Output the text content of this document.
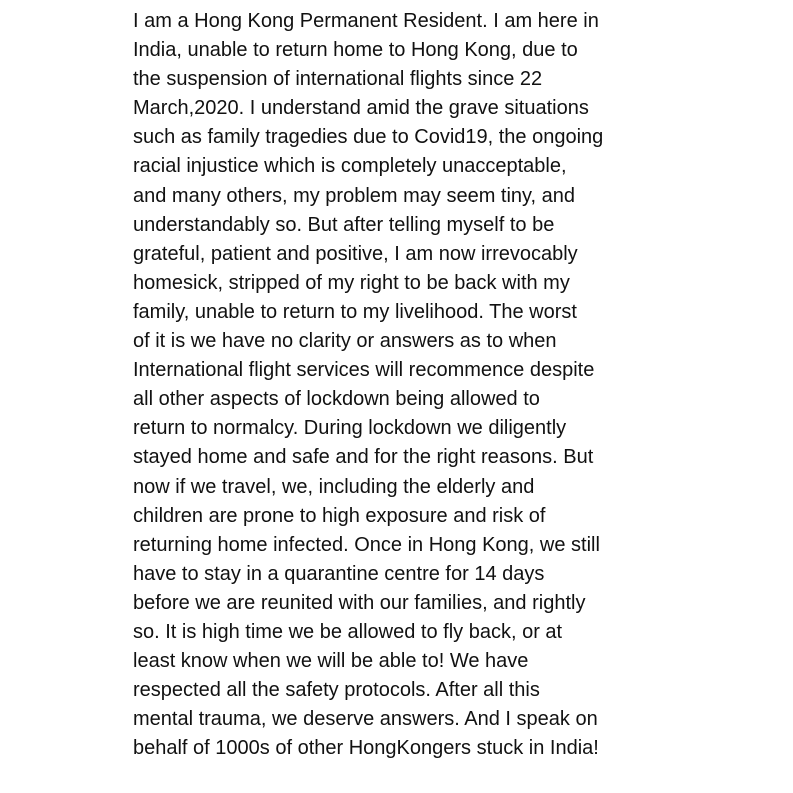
I am a Hong Kong Permanent Resident. I am here in
India, unable to return home to Hong Kong, due to
the suspension of international flights since 22
March,2020. I understand amid the grave situations
such as family tragedies due to Covid19, the ongoing
racial injustice which is completely unacceptable,
and many others, my problem may seem tiny, and
understandably so. But after telling myself to be
grateful, patient and positive, I am now irrevocably
homesick, stripped of my right to be back with my
family, unable to return to my livelihood. The worst
of it is we have no clarity or answers as to when
International flight services will recommence despite
all other aspects of lockdown being allowed to
return to normalcy. During lockdown we diligently
stayed home and safe and for the right reasons. But
now if we travel, we, including the elderly and
children are prone to high exposure and risk of
returning home infected. Once in Hong Kong, we still
have to stay in a quarantine centre for 14 days
before we are reunited with our families, and rightly
so. It is high time we be allowed to fly back, or at
least know when we will be able to! We have
respected all the safety protocols. After all this
mental trauma, we deserve answers. And I speak on
behalf of 1000s of other HongKongers stuck in India!
